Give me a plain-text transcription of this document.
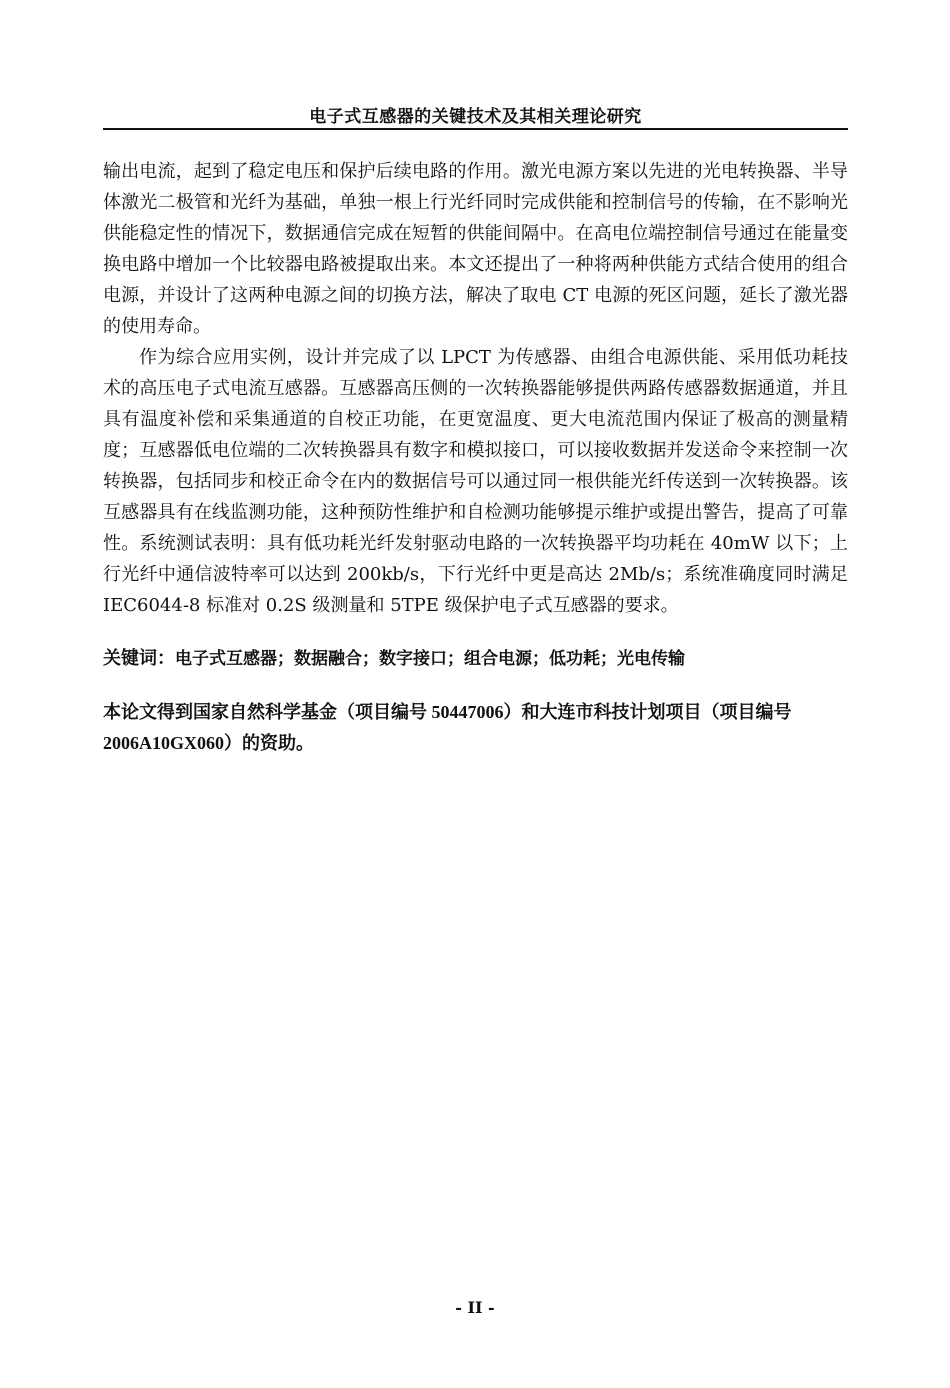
电子式互感器的关键技术及其相关理论研究

输出电流，起到了稳定电压和保护后续电路的作用。激光电源方案以先进的光电转换器、半导体激光二极管和光纤为基础，单独一根上行光纤同时完成供能和控制信号的传输，在不影响光供能稳定性的情况下，数据通信完成在短暂的供能间隔中。在高电位端控制信号通过在能量变换电路中增加一个比较器电路被提取出来。本文还提出了一种将两种供能方式结合使用的组合电源，并设计了这两种电源之间的切换方法，解决了取电 CT 电源的死区问题，延长了激光器的使用寿命。

作为综合应用实例，设计并完成了以 LPCT 为传感器、由组合电源供能、采用低功耗技术的高压电子式电流互感器。互感器高压侧的一次转换器能够提供两路传感器数据通道，并且具有温度补偿和采集通道的自校正功能，在更宽温度、更大电流范围内保证了极高的测量精度；互感器低电位端的二次转换器具有数字和模拟接口，可以接收数据并发送命令来控制一次转换器，包括同步和校正命令在内的数据信号可以通过同一根供能光纤传送到一次转换器。该互感器具有在线监测功能，这种预防性维护和自检测功能够提示维护或提出警告，提高了可靠性。系统测试表明：具有低功耗光纤发射驱动电路的一次转换器平均功耗在 40mW 以下；上行光纤中通信波特率可以达到 200kb/s，下行光纤中更是高达 2Mb/s；系统准确度同时满足 IEC6044-8 标准对 0.2S 级测量和 5TPE 级保护电子式互感器的要求。

关键词：电子式互感器；数据融合；数字接口；组合电源；低功耗；光电传输
本论文得到国家自然科学基金（项目编号 50447006）和大连市科技计划项目（项目编号 2006A10GX060）的资助。
- II -
